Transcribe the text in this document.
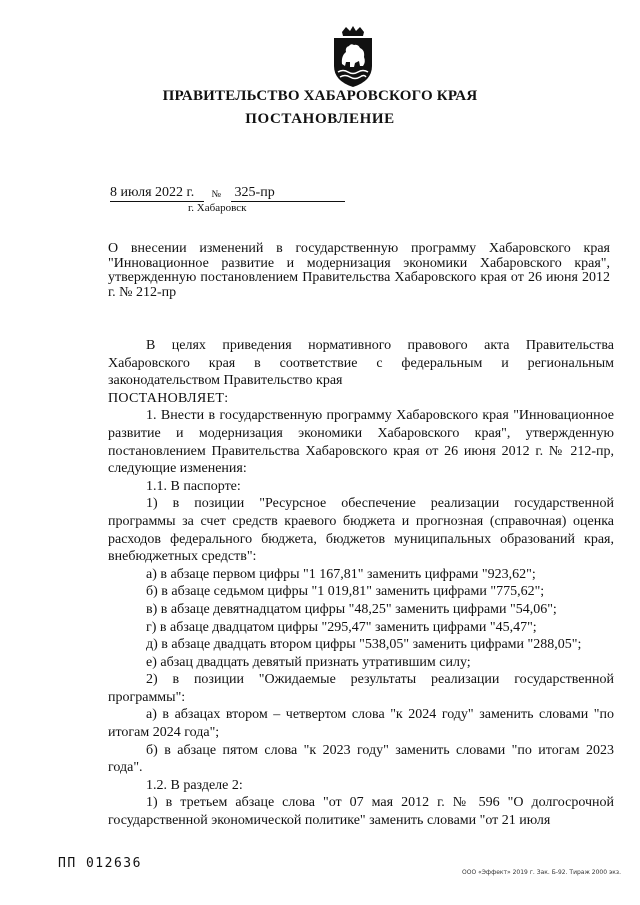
ПРАВИТЕЛЬСТВО ХАБАРОВСКОГО КРАЯ
ПОСТАНОВЛЕНИЕ
8 июля 2022 г. № 325-пр
г. Хабаровск

О внесении изменений в государственную программу Хабаровского края "Инновационное развитие и модернизация экономики Хабаровского края", утвержденную постановлением Правительства Хабаровского края от 26 июня 2012 г. № 212-пр

В целях приведения нормативного правового акта Правительства Хабаровского края в соответствие с федеральным и региональным законодательством Правительство края

ПОСТАНОВЛЯЕТ:

1. Внести в государственную программу Хабаровского края "Инновационное развитие и модернизация экономики Хабаровского края", утвержденную постановлением Правительства Хабаровского края от 26 июня 2012 г. № 212-пр, следующие изменения:

1.1. В паспорте:

1) в позиции "Ресурсное обеспечение реализации государственной программы за счет средств краевого бюджета и прогнозная (справочная) оценка расходов федерального бюджета, бюджетов муниципальных образований края, внебюджетных средств":

а) в абзаце первом цифры "1 167,81" заменить цифрами "923,62";

б) в абзаце седьмом цифры "1 019,81" заменить цифрами "775,62";

в) в абзаце девятнадцатом цифры "48,25" заменить цифрами "54,06";

г) в абзаце двадцатом цифры "295,47" заменить цифрами "45,47";

д) в абзаце двадцать втором цифры "538,05" заменить цифрами "288,05";

е) абзац двадцать девятый признать утратившим силу;

2) в позиции "Ожидаемые результаты реализации государственной программы":

а) в абзацах втором – четвертом слова "к 2024 году" заменить словами "по итогам 2024 года";

б) в абзаце пятом слова "к 2023 году" заменить словами "по итогам 2023 года".

1.2. В разделе 2:

1) в третьем абзаце слова "от 07 мая 2012 г. № 596 "О долгосрочной государственной экономической политике" заменить словами "от 21 июля

ПП 012636
ООО «Эффект» 2019 г. Зак. Б-92. Тираж 2000 экз.
